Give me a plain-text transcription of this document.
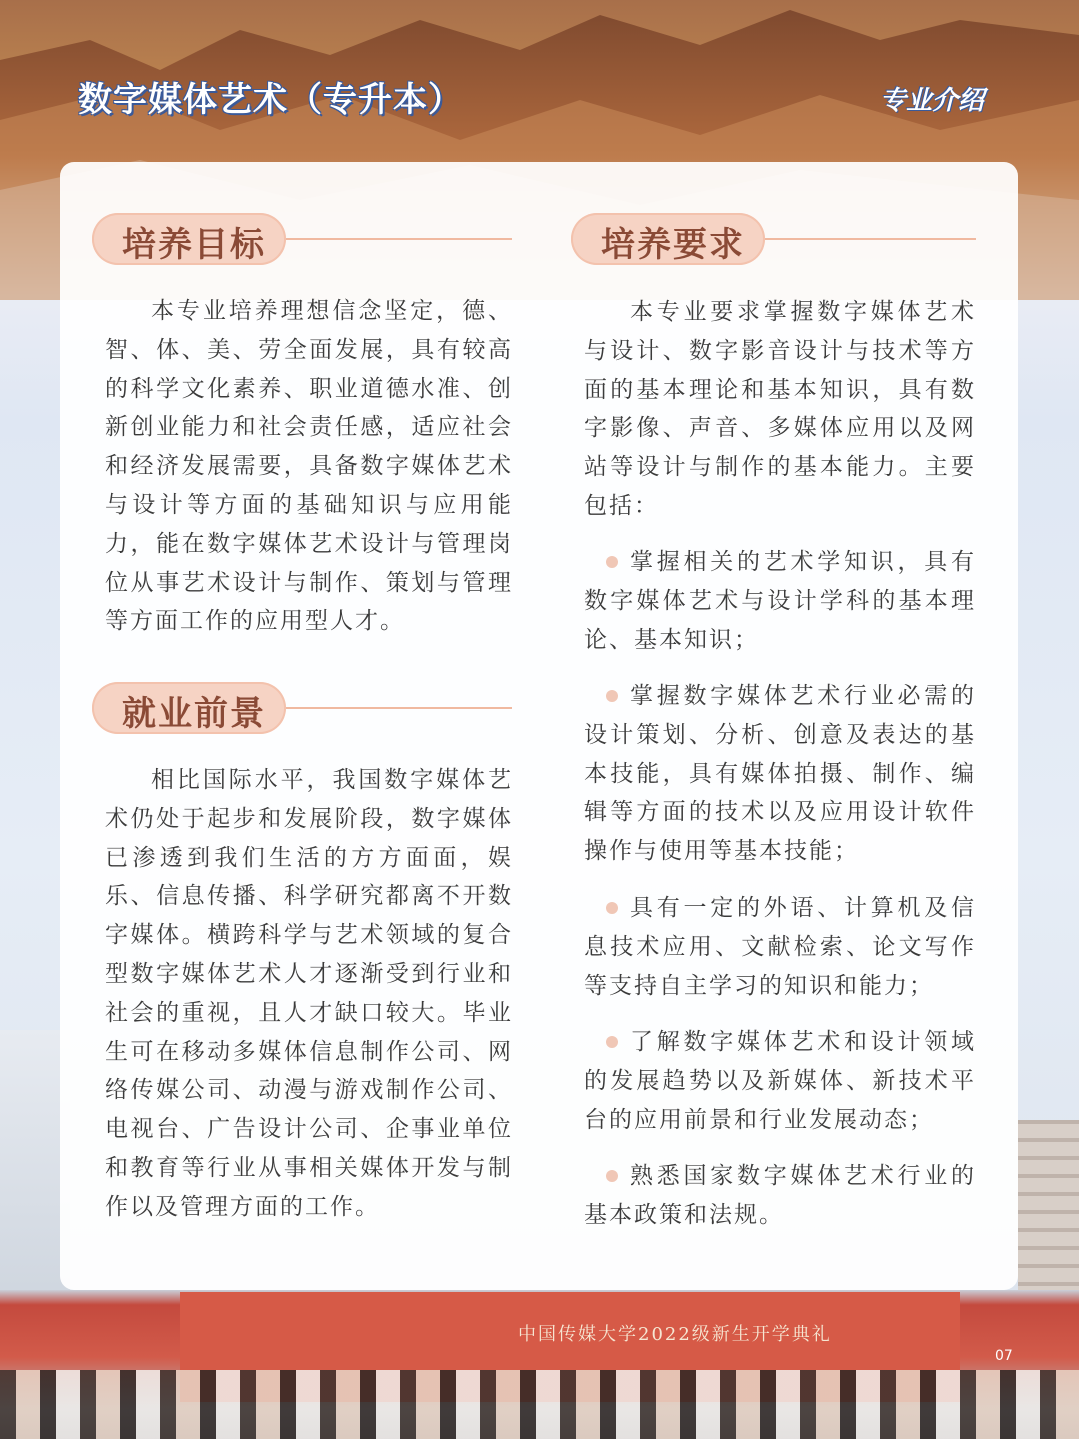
中国传媒大学2022级新生开学典礼
07
数字媒体艺术（专升本）	专业介绍
培养目标

本专业培养理想信念坚定，德、智、体、美、劳全面发展，具有较高的科学文化素养、职业道德水准、创新创业能力和社会责任感，适应社会和经济发展需要，具备数字媒体艺术与设计等方面的基础知识与应用能力，能在数字媒体艺术设计与管理岗位从事艺术设计与制作、策划与管理等方面工作的应用型人才。

就业前景

相比国际水平，我国数字媒体艺术仍处于起步和发展阶段，数字媒体已渗透到我们生活的方方面面，娱乐、信息传播、科学研究都离不开数字媒体。横跨科学与艺术领域的复合型数字媒体艺术人才逐渐受到行业和社会的重视，且人才缺口较大。毕业生可在移动多媒体信息制作公司、网络传媒公司、动漫与游戏制作公司、电视台、广告设计公司、企事业单位和教育等行业从事相关媒体开发与制作以及管理方面的工作。

培养要求

本专业要求掌握数字媒体艺术与设计、数字影音设计与技术等方面的基本理论和基本知识，具有数字影像、声音、多媒体应用以及网站等设计与制作的基本能力。主要包括：

掌握相关的艺术学知识，具有数字媒体艺术与设计学科的基本理论、基本知识；

掌握数字媒体艺术行业必需的设计策划、分析、创意及表达的基本技能，具有媒体拍摄、制作、编辑等方面的技术以及应用设计软件操作与使用等基本技能；

具有一定的外语、计算机及信息技术应用、文献检索、论文写作等支持自主学习的知识和能力；

了解数字媒体艺术和设计领域的发展趋势以及新媒体、新技术平台的应用前景和行业发展动态；

熟悉国家数字媒体艺术行业的基本政策和法规。
